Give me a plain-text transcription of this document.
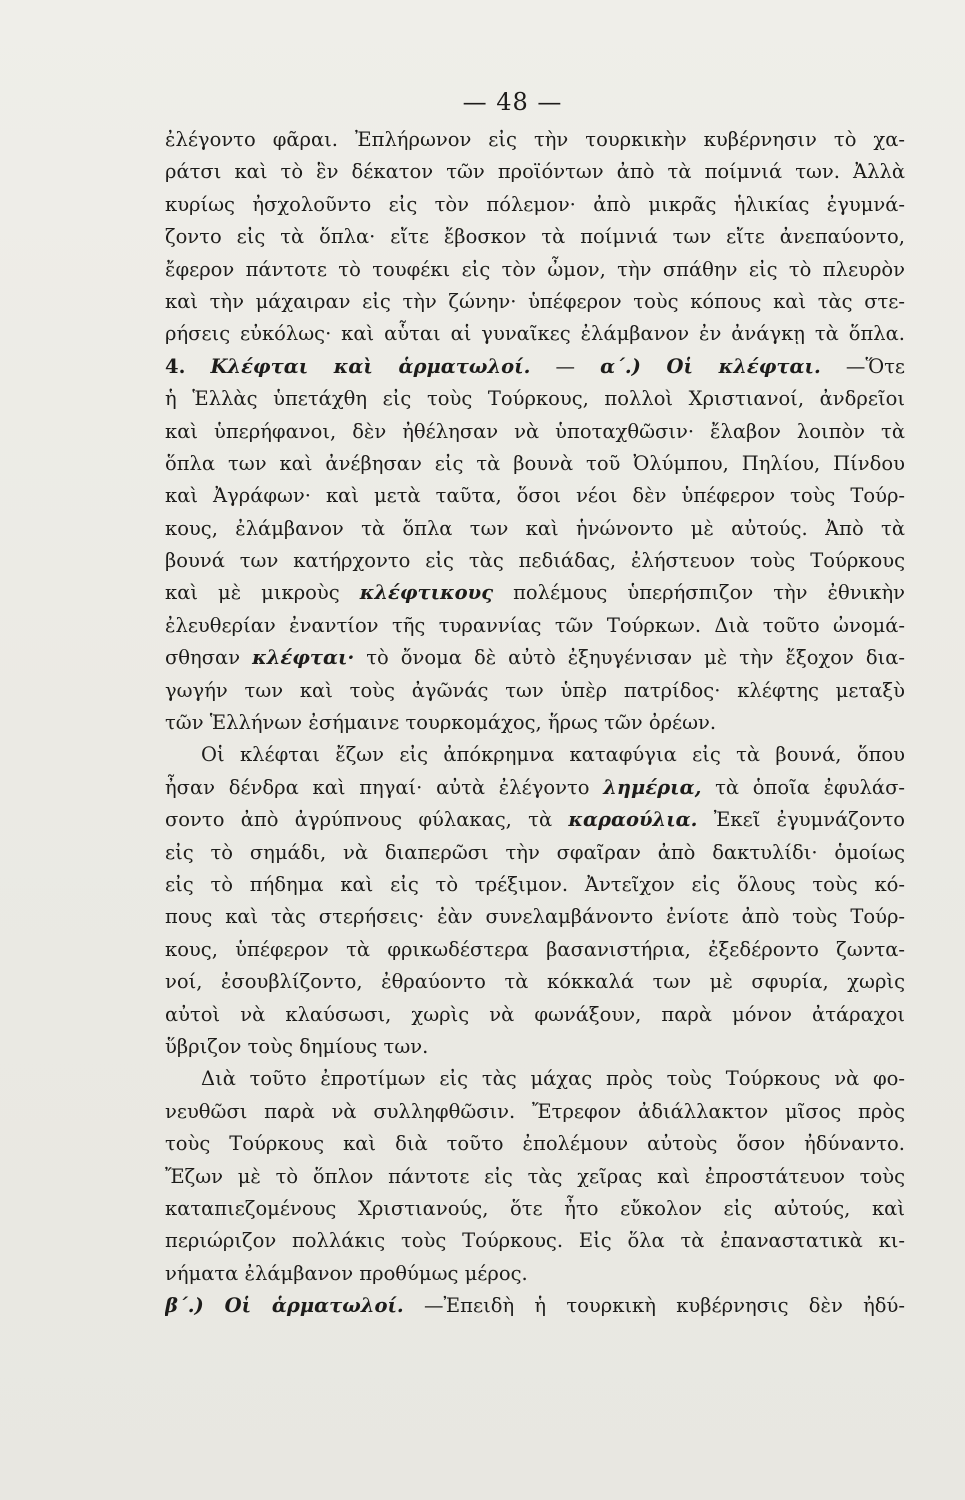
— 48 —
ἐλέγοντο φᾶραι. Ἐπλήρωνον εἰς τὴν τουρκικὴν κυβέρνησιν τὸ χα-
ράτσι καὶ τὸ ἓν δέκατον τῶν προϊόντων ἀπὸ τὰ ποίμνιά των. Ἀλλὰ
κυρίως ἠσχολοῦντο εἰς τὸν πόλεμον· ἀπὸ μικρᾶς ἡλικίας ἐγυμνά-
ζοντο εἰς τὰ ὅπλα· εἴτε ἔβοσκον τὰ ποίμνιά των εἴτε ἀνεπαύοντο,
ἔφερον πάντοτε τὸ τουφέκι εἰς τὸν ὦμον, τὴν σπάθην εἰς τὸ πλευρὸν
καὶ τὴν μάχαιραν εἰς τὴν ζώνην· ὑπέφερον τοὺς κόπους καὶ τὰς στε-
ρήσεις εὐκόλως· καὶ αὗται αἱ γυναῖκες ἐλάμβανον ἐν ἀνάγκῃ τὰ ὅπλα.
4. Κλέφται καὶ ἁρματωλοί. — α΄.) Οἱ κλέφται. —Ὅτε
ἡ Ἑλλὰς ὑπετάχθη εἰς τοὺς Τούρκους, πολλοὶ Χριστιανοί, ἀνδρεῖοι
καὶ ὑπερήφανοι, δὲν ἠθέλησαν νὰ ὑποταχθῶσιν· ἔλαβον λοιπὸν τὰ
ὅπλα των καὶ ἀνέβησαν εἰς τὰ βουνὰ τοῦ Ὀλύμπου, Πηλίου, Πίνδου
καὶ Ἀγράφων· καὶ μετὰ ταῦτα, ὅσοι νέοι δὲν ὑπέφερον τοὺς Τούρ-
κους, ἐλάμβανον τὰ ὅπλα των καὶ ἡνώνοντο μὲ αὐτούς. Ἀπὸ τὰ
βουνά των κατήρχοντο εἰς τὰς πεδιάδας, ἐλήστευον τοὺς Τούρκους
καὶ μὲ μικροὺς κλέφτικους πολέμους ὑπερήσπιζον τὴν ἐθνικὴν
ἐλευθερίαν ἐναντίον τῆς τυραννίας τῶν Τούρκων. Διὰ τοῦτο ὠνομά-
σθησαν κλέφται· τὸ ὄνομα δὲ αὐτὸ ἐξηυγένισαν μὲ τὴν ἔξοχον δια-
γωγήν των καὶ τοὺς ἀγῶνάς των ὑπὲρ πατρίδος· κλέφτης μεταξὺ
τῶν Ἑλλήνων ἐσήμαινε τουρκομάχος, ἥρως τῶν ὀρέων.
Οἱ κλέφται ἔζων εἰς ἀπόκρημνα καταφύγια εἰς τὰ βουνά, ὅπου
ἦσαν δένδρα καὶ πηγαί· αὐτὰ ἐλέγοντο λημέρια, τὰ ὁποῖα ἐφυλάσ-
σοντο ἀπὸ ἀγρύπνους φύλακας, τὰ καραούλια. Ἐκεῖ ἐγυμνάζοντο
εἰς τὸ σημάδι, νὰ διαπερῶσι τὴν σφαῖραν ἀπὸ δακτυλίδι· ὁμοίως
εἰς τὸ πήδημα καὶ εἰς τὸ τρέξιμον. Ἀντεῖχον εἰς ὅλους τοὺς κό-
πους καὶ τὰς στερήσεις· ἐὰν συνελαμβάνοντο ἐνίοτε ἀπὸ τοὺς Τούρ-
κους, ὑπέφερον τὰ φρικωδέστερα βασανιστήρια, ἐξεδέροντο ζωντα-
νοί, ἐσουβλίζοντο, ἐθραύοντο τὰ κόκκαλά των μὲ σφυρία, χωρὶς
αὐτοὶ νὰ κλαύσωσι, χωρὶς νὰ φωνάξουν, παρὰ μόνον ἀτάραχοι
ὕβριζον τοὺς δημίους των.
Διὰ τοῦτο ἐπροτίμων εἰς τὰς μάχας πρὸς τοὺς Τούρκους νὰ φο-
νευθῶσι παρὰ νὰ συλληφθῶσιν. Ἔτρεφον ἀδιάλλακτον μῖσος πρὸς
τοὺς Τούρκους καὶ διὰ τοῦτο ἐπολέμουν αὐτοὺς ὅσον ἠδύναντο.
Ἔζων μὲ τὸ ὅπλον πάντοτε εἰς τὰς χεῖρας καὶ ἐπροστάτευον τοὺς
καταπιεζομένους Χριστιανούς, ὅτε ἦτο εὔκολον εἰς αὐτούς, καὶ
περιώριζον πολλάκις τοὺς Τούρκους. Εἰς ὅλα τὰ ἐπαναστατικὰ κι-
νήματα ἐλάμβανον προθύμως μέρος.
β΄.) Οἱ ἁρματωλοί. —Ἐπειδὴ ἡ τουρκικὴ κυβέρνησις δὲν ἠδύ-
